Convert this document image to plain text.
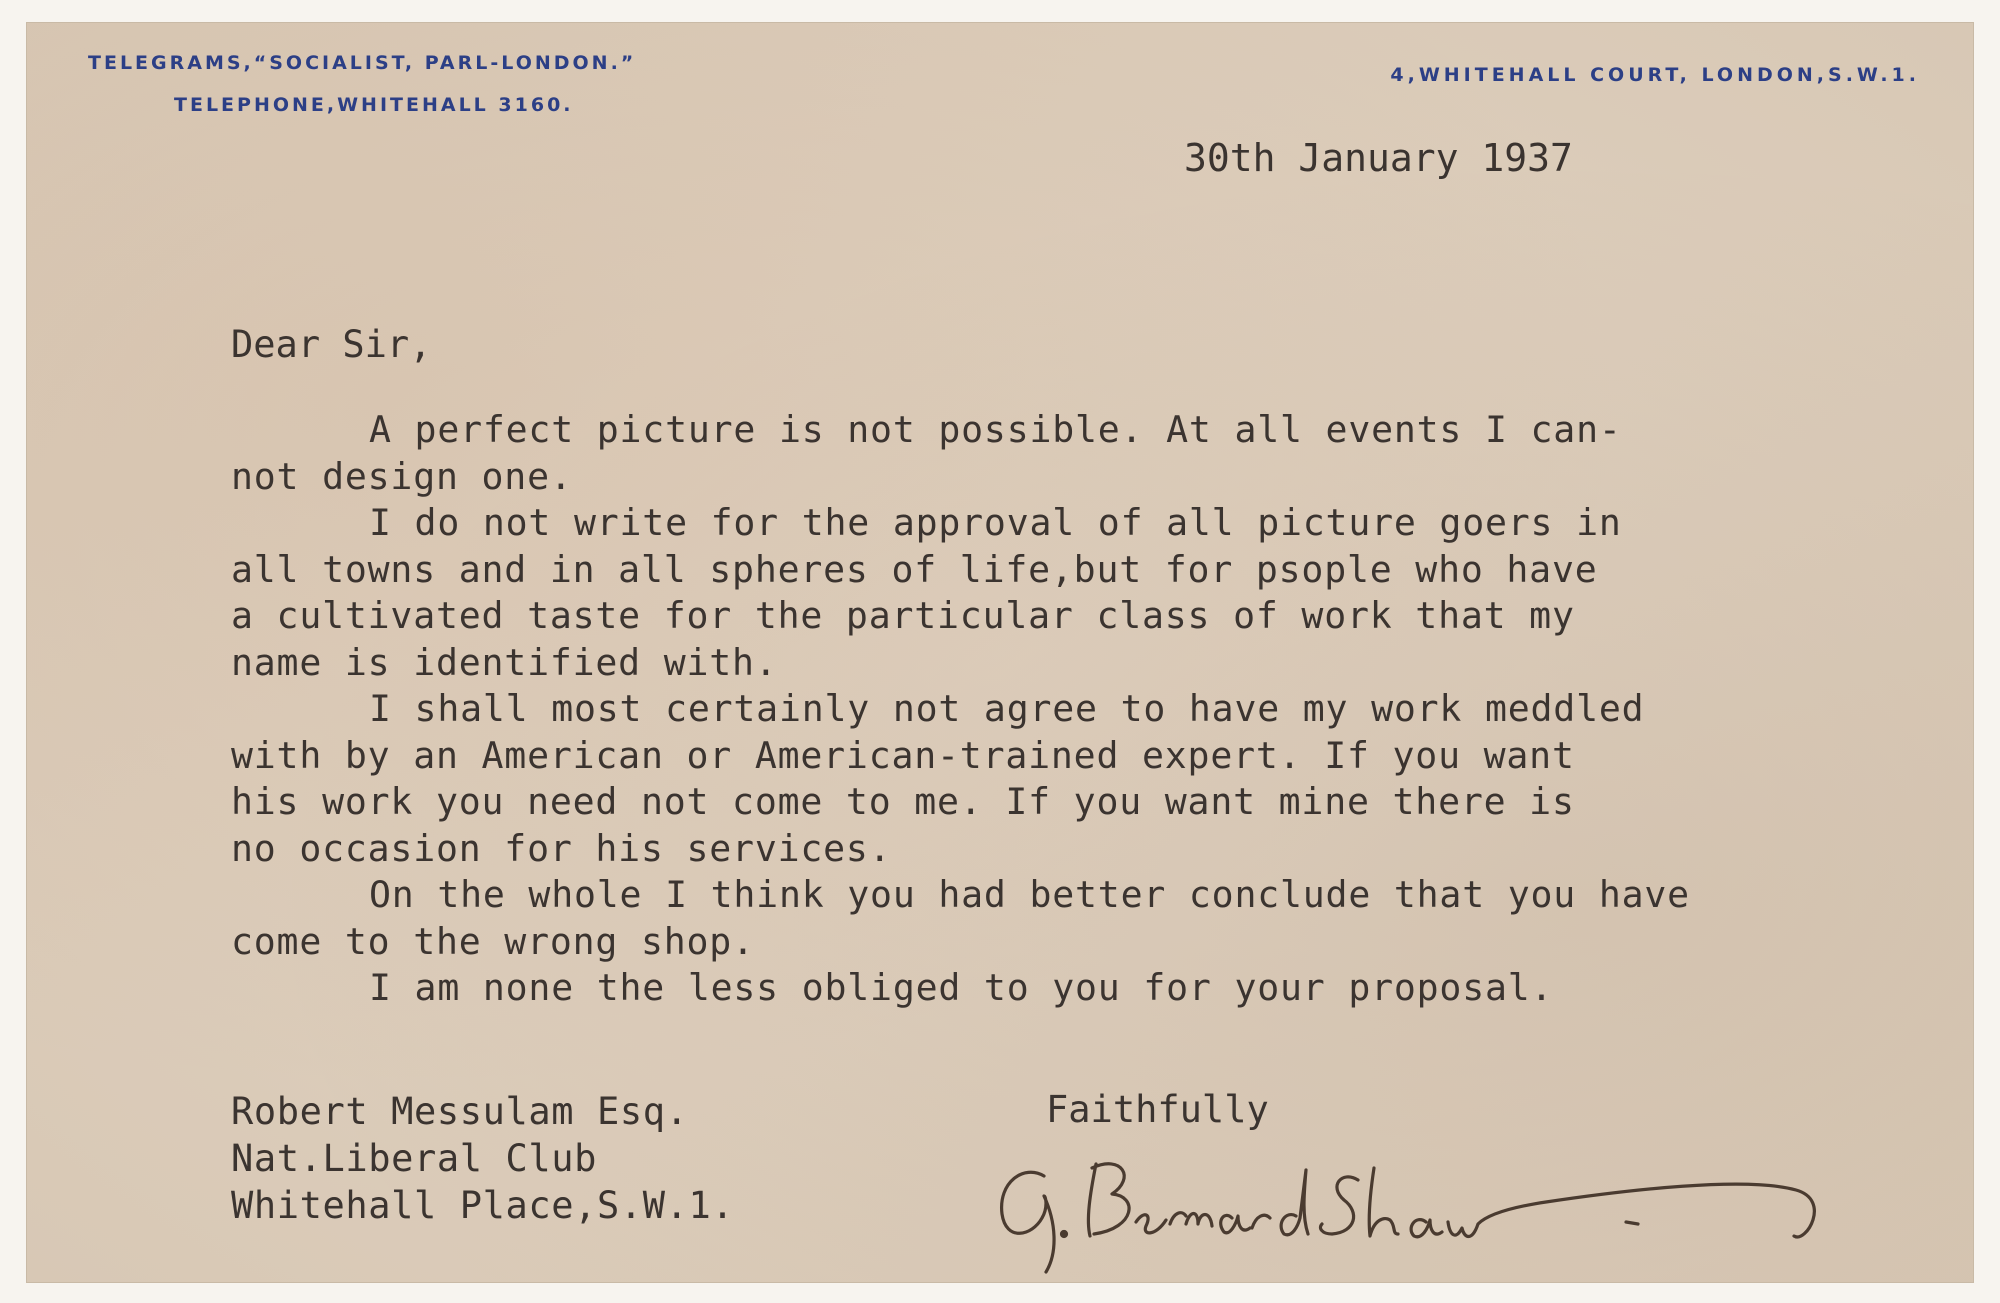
TELEGRAMS,“SOCIALIST, PARL-LONDON.”
TELEPHONE,WHITEHALL 3160.
4,WHITEHALL COURT, LONDON,S.W.1.
30th January 1937
Dear Sir,
A perfect picture is not possible. At all events I can-
not design one.
I do not write for the approval of all picture goers in
all towns and in all spheres of life,but for psople who have
a cultivated taste for the particular class of work that my
name is identified with.
I shall most certainly not agree to have my work meddled
with by an American or American-trained expert. If you want
his work you need not come to me. If you want mine there is
no occasion for his services.
On the whole I think you had better conclude that you have
come to the wrong shop.
I am none the less obliged to you for your proposal.
Robert Messulam Esq.
Nat.Liberal Club
Whitehall Place,S.W.1.
Faithfully
